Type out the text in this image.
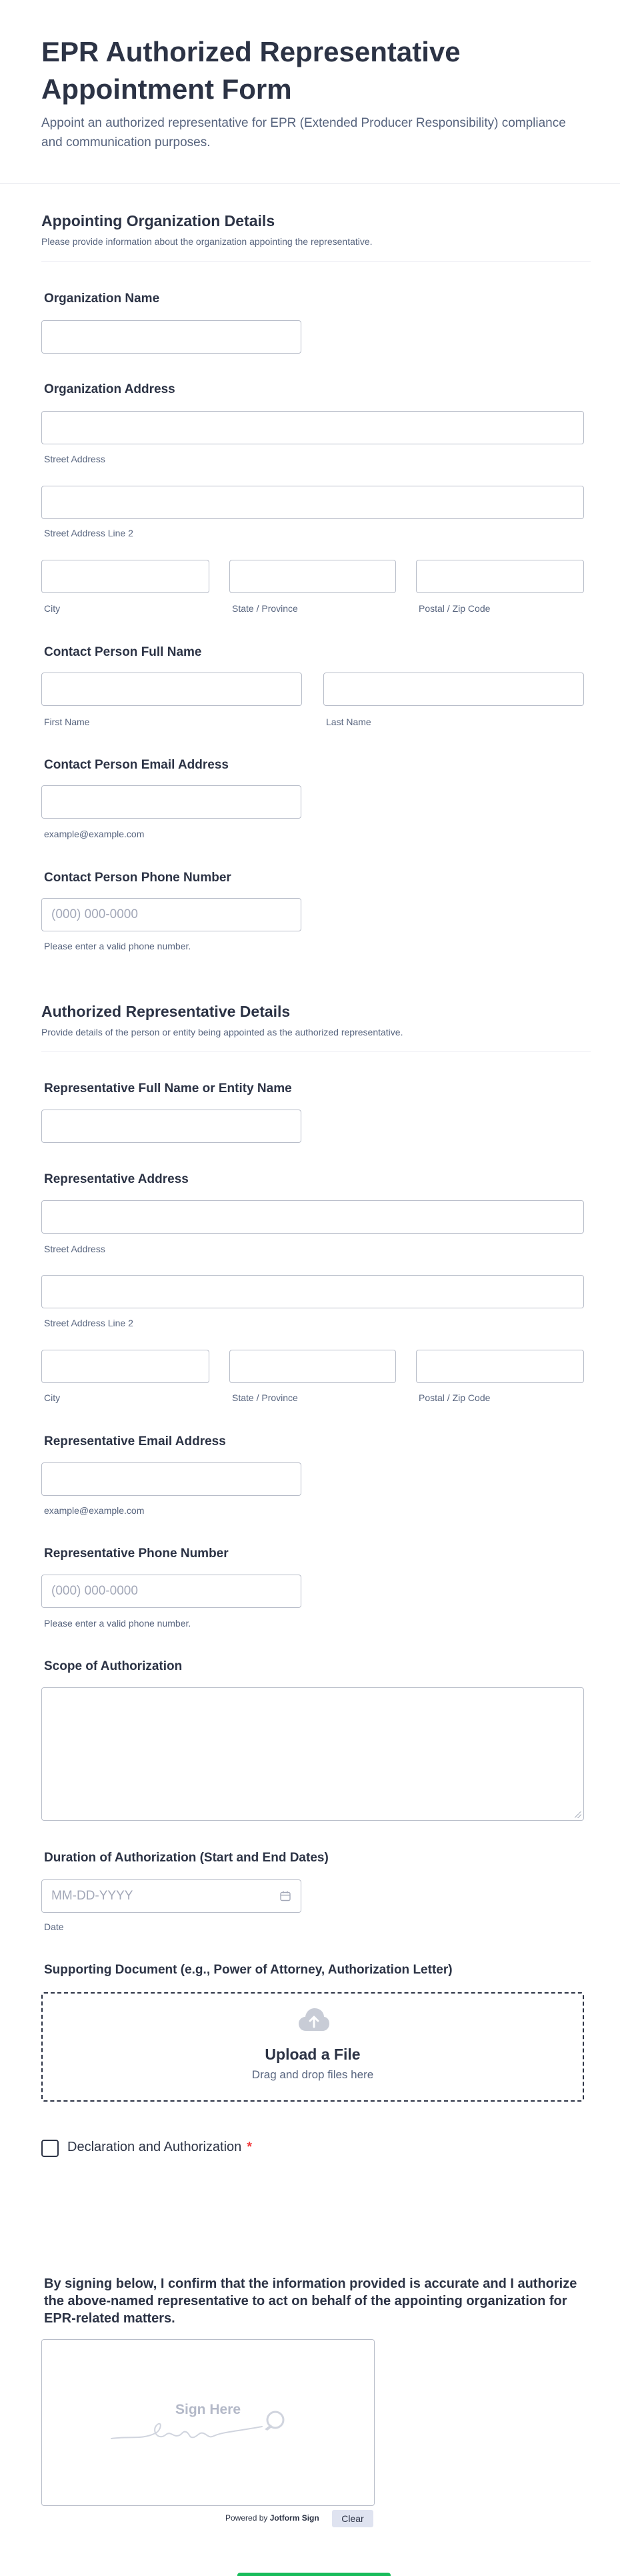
EPR Authorized Representative Appointment Form

Appoint an authorized representative for EPR (Extended Producer Responsibility) compliance and communication purposes.

Appointing Organization Details
Please provide information about the organization appointing the representative.
Organization Name
Organization Address
Street Address
Street Address Line 2
City	State / Province	Postal / Zip Code
Contact Person Full Name
First Name	Last Name
Contact Person Email Address
example@example.com
Contact Person Phone Number
(000) 000-0000
Please enter a valid phone number.
Authorized Representative Details
Provide details of the person or entity being appointed as the authorized representative.
Representative Full Name or Entity Name
Representative Address
Street Address
Street Address Line 2
City	State / Province	Postal / Zip Code
Representative Email Address
example@example.com
Representative Phone Number
(000) 000-0000
Please enter a valid phone number.
Scope of Authorization
Duration of Authorization (Start and End Dates)
MM-DD-YYYY
Date
Supporting Document (e.g., Power of Attorney, Authorization Letter)
Upload a File
Drag and drop files here
Declaration and Authorization *
By signing below, I confirm that the information provided is accurate and I authorize the above-named representative to act on behalf of the appointing organization for EPR-related matters.
Sign Here
Powered by Jotform Sign	Clear
